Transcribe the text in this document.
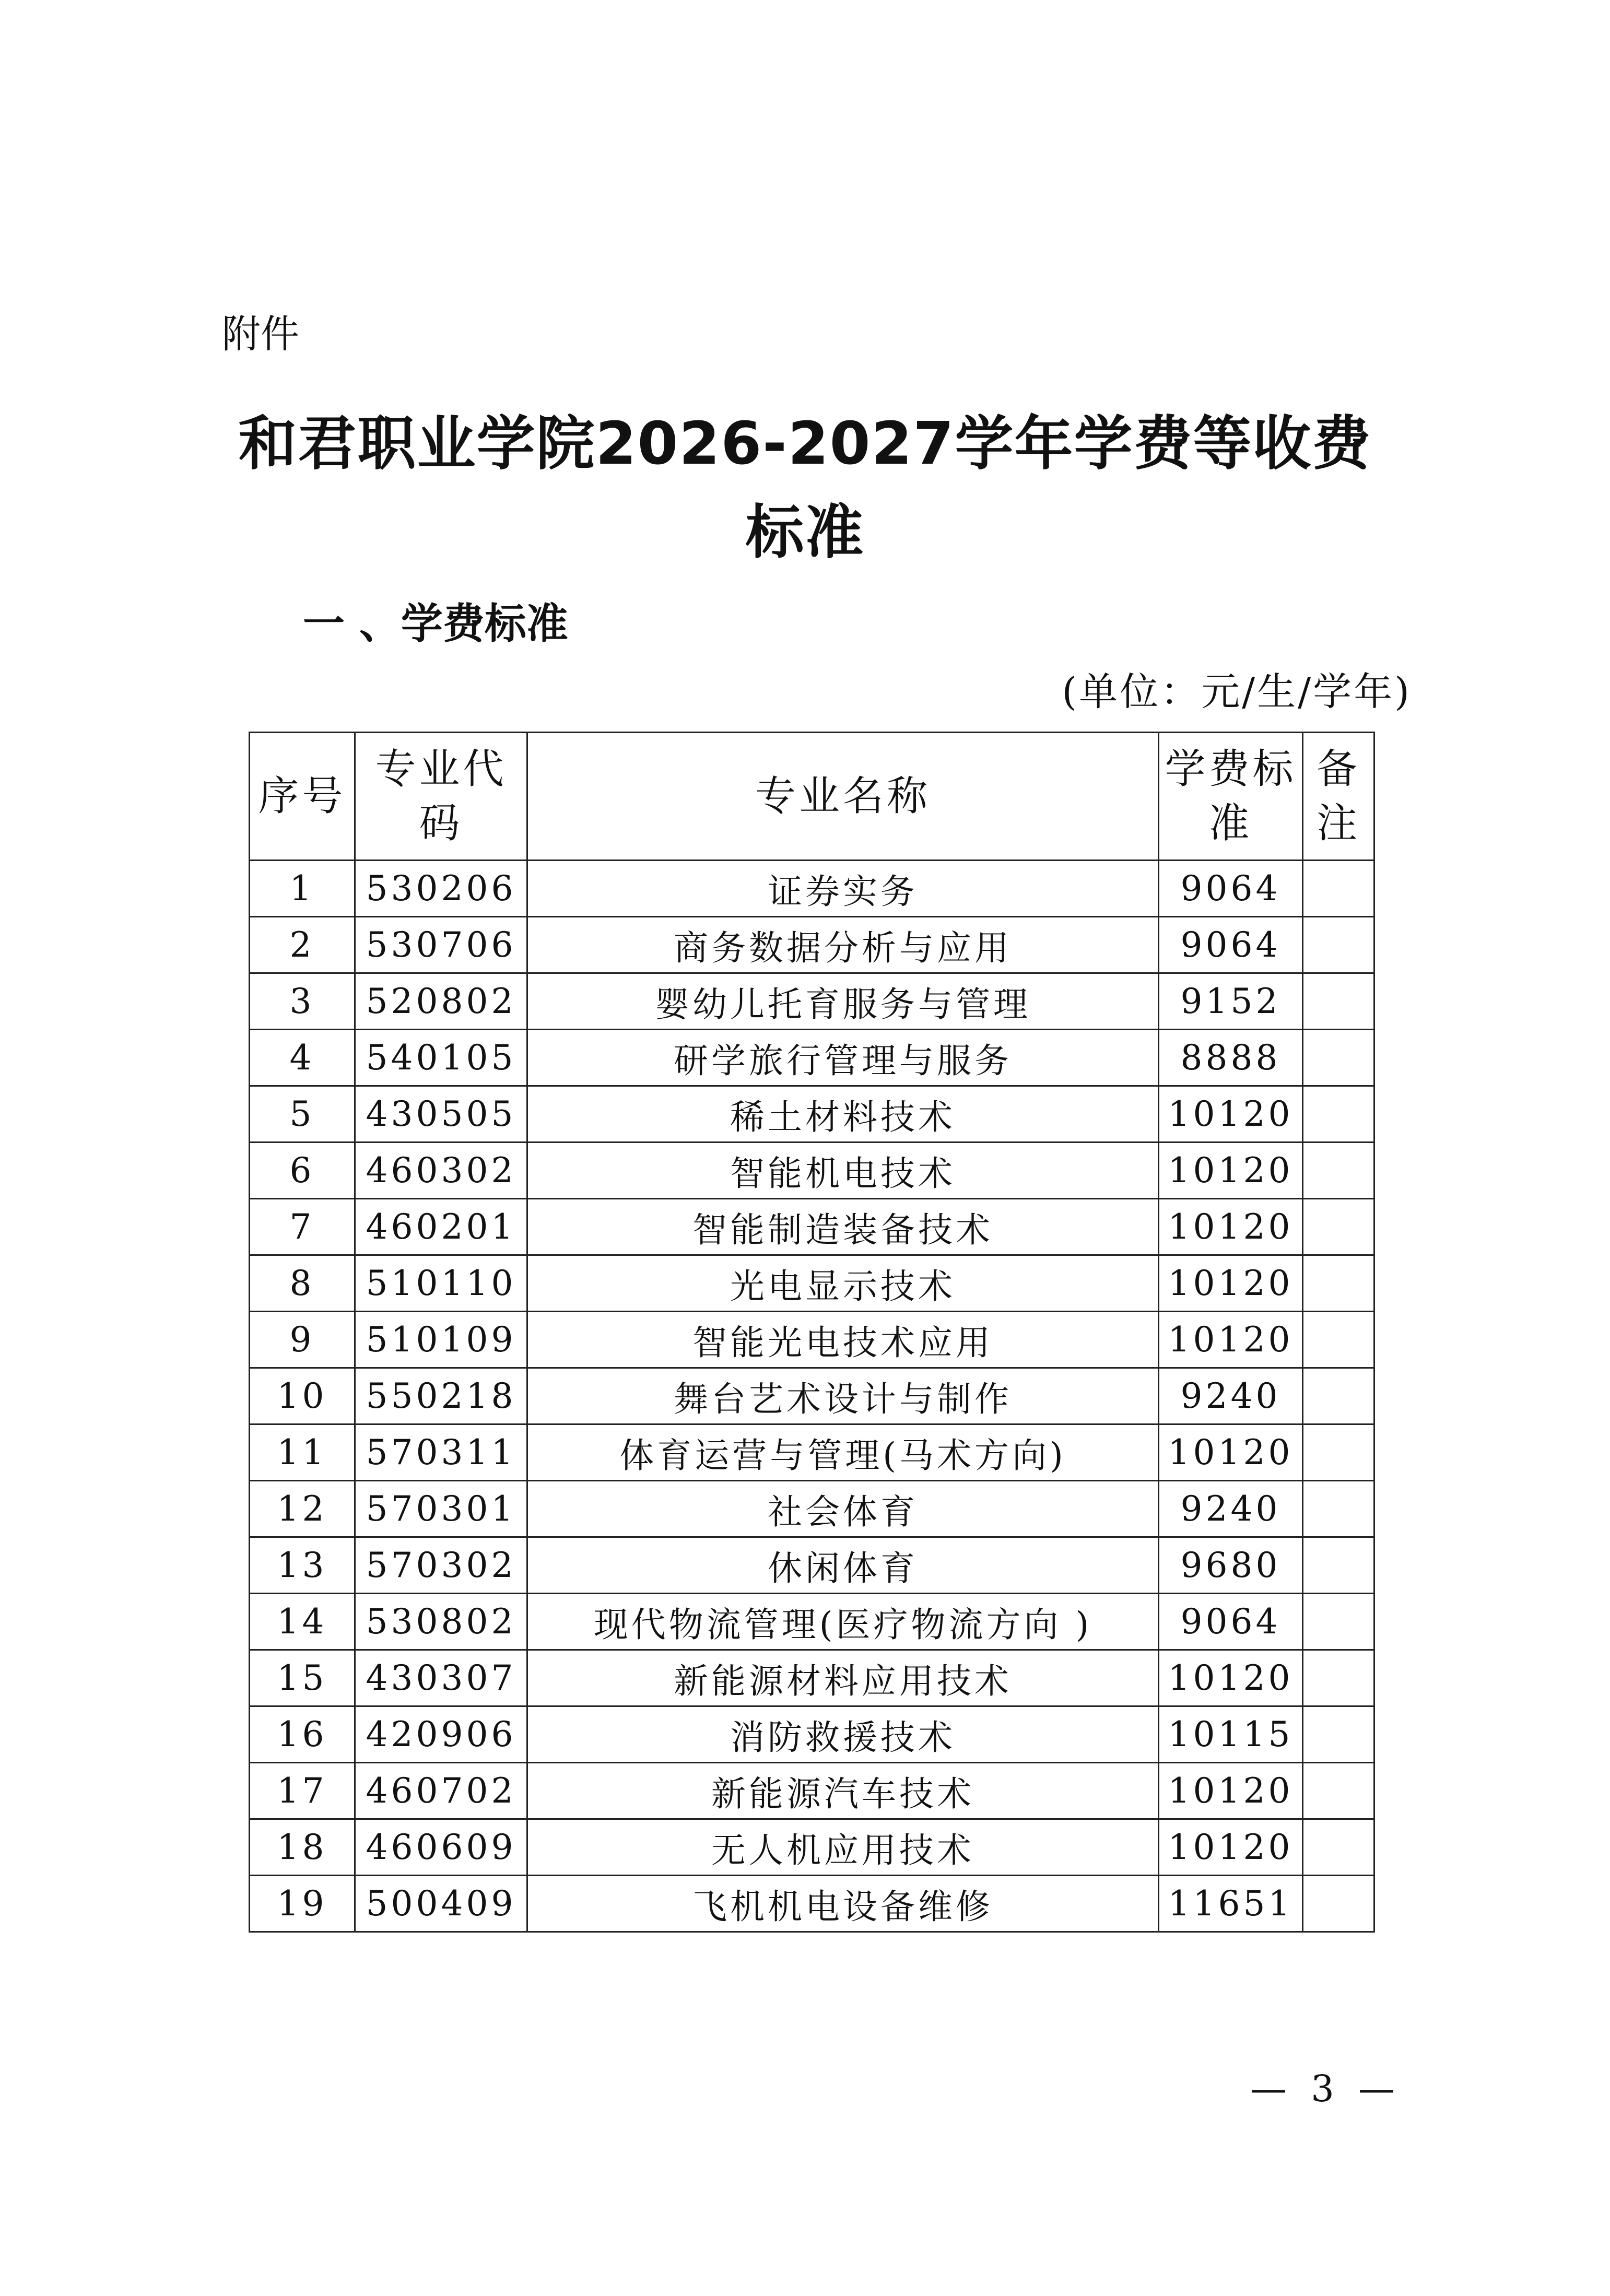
附件
和君职业学院2026-2027学年学费等收费
标准
一 、学费标准
(单位：元/生/学年)
序号	专业代码	专业名称	学费标准	备注
1	530206	证券实务	9064	
2	530706	商务数据分析与应用	9064	
3	520802	婴幼儿托育服务与管理	9152	
4	540105	研学旅行管理与服务	8888	
5	430505	稀土材料技术	10120	
6	460302	智能机电技术	10120	
7	460201	智能制造装备技术	10120	
8	510110	光电显示技术	10120	
9	510109	智能光电技术应用	10120	
10	550218	舞台艺术设计与制作	9240	
11	570311	体育运营与管理(马术方向)	10120	
12	570301	社会体育	9240	
13	570302	休闲体育	9680	
14	530802	现代物流管理(医疗物流方向 )	9064	
15	430307	新能源材料应用技术	10120	
16	420906	消防救援技术	10115	
17	460702	新能源汽车技术	10120	
18	460609	无人机应用技术	10120	
19	500409	飞机机电设备维修	11651	
— 3 —
